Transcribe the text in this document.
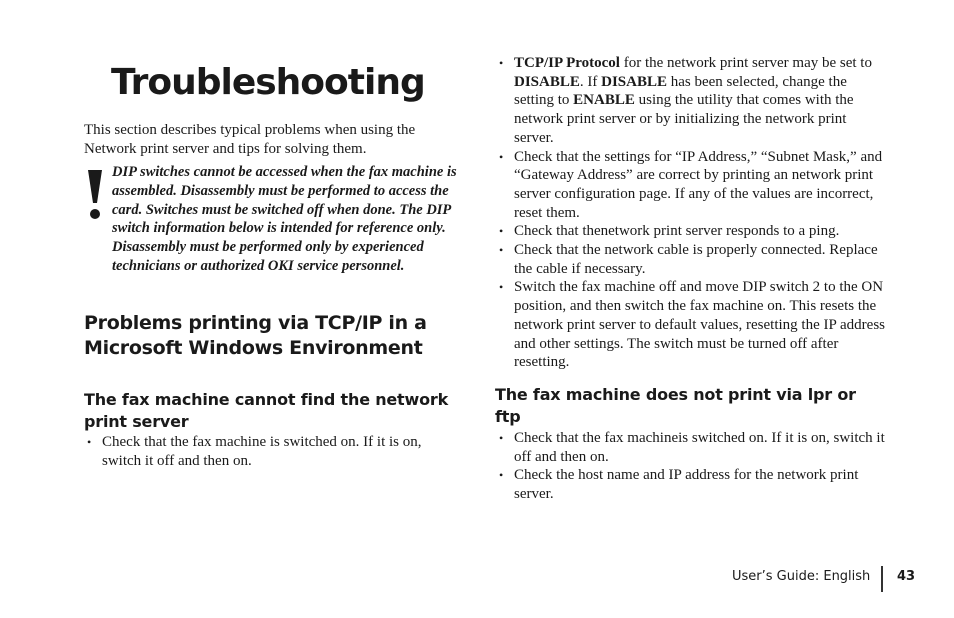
Troubleshooting

This section describes typical problems when using the Network print server and tips for solving them.

DIP switches cannot be accessed when the fax machine is assembled. Disassembly must be performed to access the card. Switches must be switched off when done. The DIP switch information below is intended for reference only. Disassembly must be performed only by experienced technicians or authorized OKI service personnel.

Problems printing via TCP/IP in a Microsoft Windows Environment
The fax machine cannot find the network print server
• Check that the fax machine is switched on. If it is on, switch it off and then on.
• TCP/IP Protocol for the network print server may be set to DISABLE. If DISABLE has been selected, change the setting to ENABLE using the utility that comes with the network print server or by initializing the network print server.
• Check that the settings for “IP Address,” “Subnet Mask,” and “Gateway Address” are correct by printing an network print server configuration page. If any of the values are incorrect, reset them.
• Check that thenetwork print server responds to a ping.
• Check that the network cable is properly connected. Replace the cable if necessary.
• Switch the fax machine off and move DIP switch 2 to the ON position, and then switch the fax machine on. This resets the network print server to default values, resetting the IP address and other settings. The switch must be turned off after resetting.
The fax machine does not print via lpr or ftp
• Check that the fax machineis switched on. If it is on, switch it off and then on.
• Check the host name and IP address for the network print server.
User’s Guide: English 43
